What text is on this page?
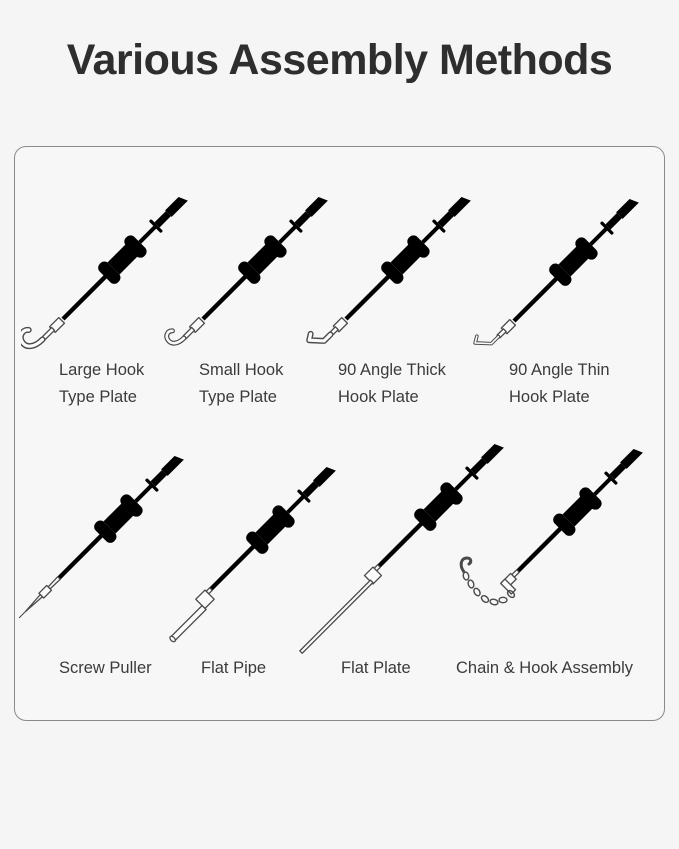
Various Assembly Methods
Large Hook
Type Plate
Small Hook
Type Plate
90 Angle Thick
Hook Plate
90 Angle Thin
Hook Plate
Screw Puller	Flat Pipe	Flat Plate	Chain & Hook Assembly
